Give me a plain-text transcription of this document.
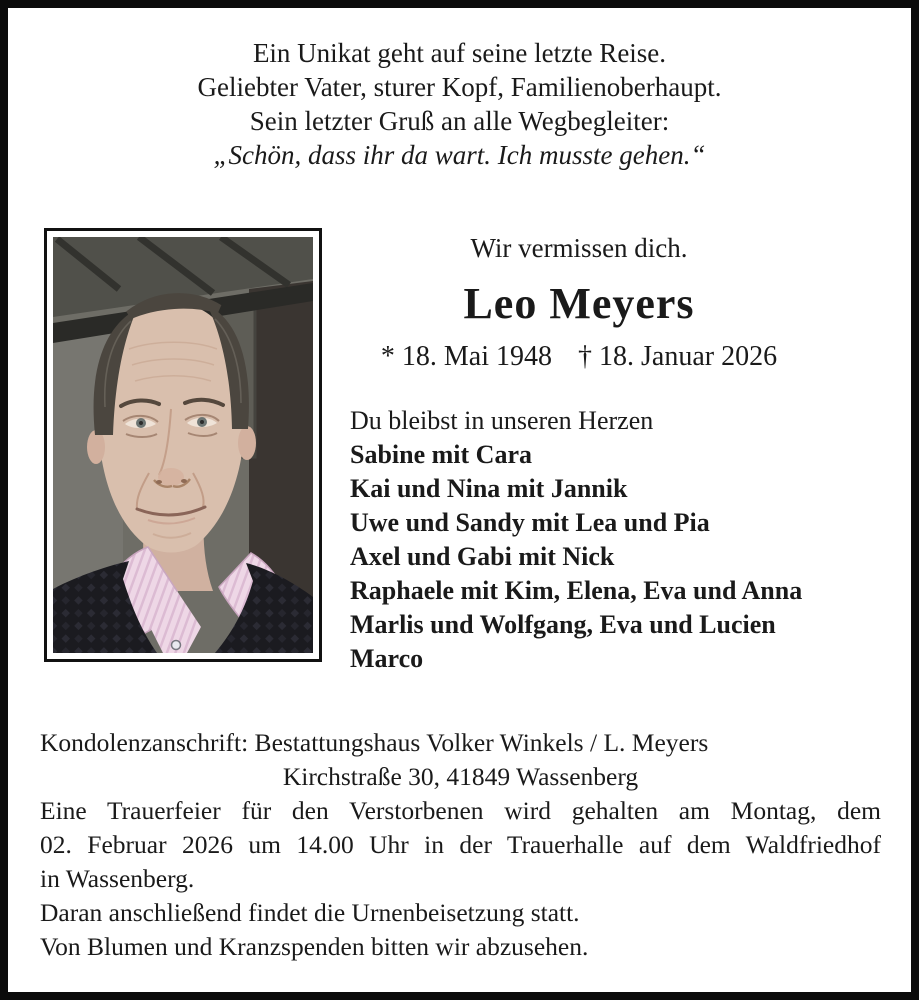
Ein Unikat geht auf seine letzte Reise.
Geliebter Vater, sturer Kopf, Familienoberhaupt.
Sein letzter Gruß an alle Wegbegleiter:
„Schön, dass ihr da wart. Ich musste gehen.“
Wir vermissen dich.
Leo Meyers
* 18. Mai 1948 † 18. Januar 2026
Du bleibst in unseren Herzen
Sabine mit Cara
Kai und Nina mit Jannik
Uwe und Sandy mit Lea und Pia
Axel und Gabi mit Nick
Raphaele mit Kim, Elena, Eva und Anna
Marlis und Wolfgang, Eva und Lucien
Marco
Kondolenzanschrift: Bestattungshaus Volker Winkels / L. Meyers
Kirchstraße 30, 41849 Wassenberg
Eine Trauerfeier für den Verstorbenen wird gehalten am Montag, dem
02. Februar 2026 um 14.00 Uhr in der Trauerhalle auf dem Waldfriedhof
in Wassenberg.
Daran anschließend findet die Urnenbeisetzung statt.
Von Blumen und Kranzspenden bitten wir abzusehen.
